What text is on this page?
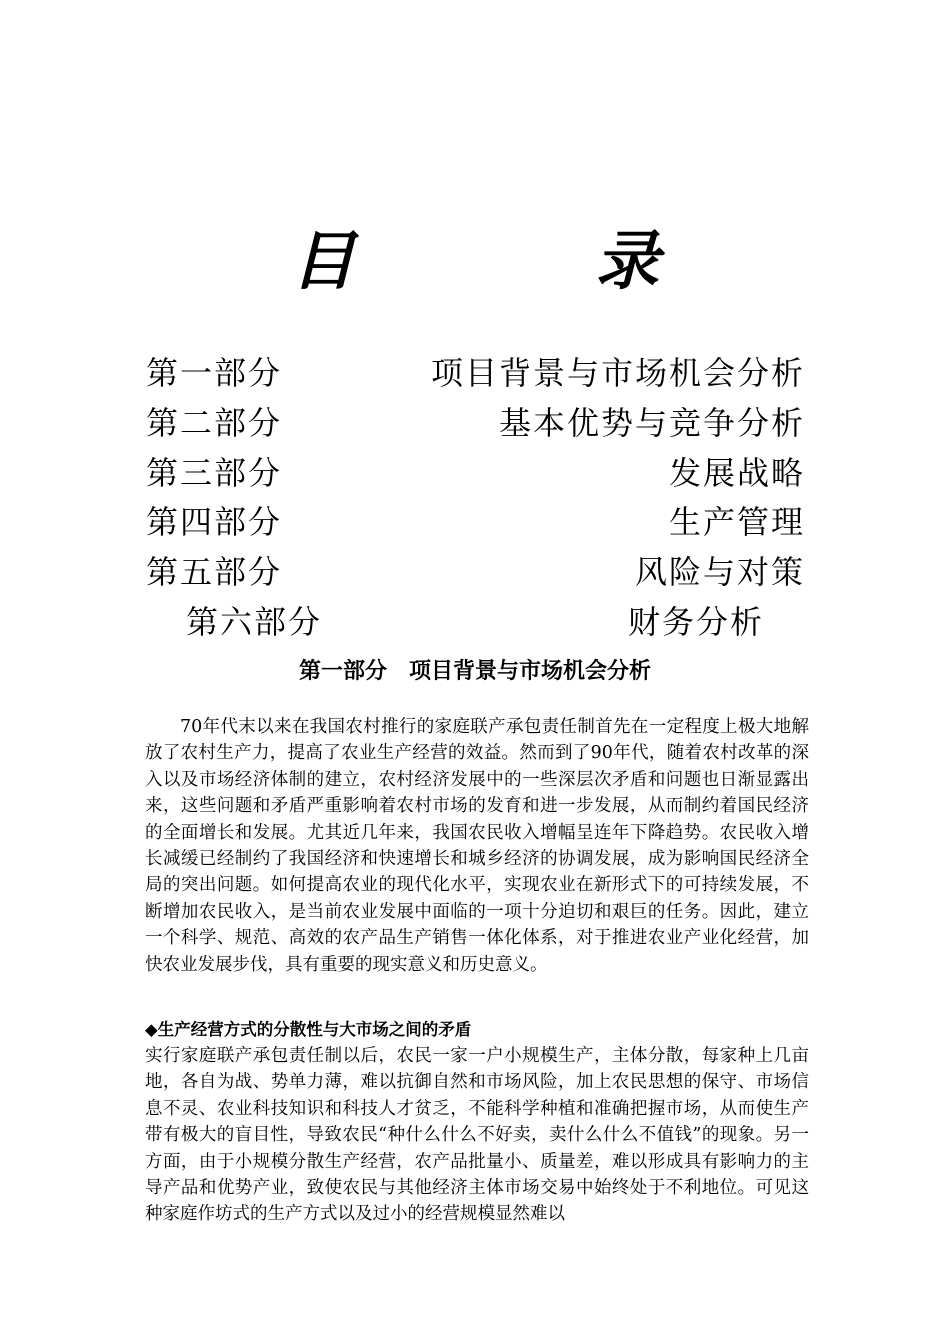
目　录
第一部分	项目背景与市场机会分析
第二部分	基本优势与竞争分析
第三部分	发展战略
第四部分	生产管理
第五部分	风险与对策
第六部分	财务分析
第一部分　项目背景与市场机会分析

70年代末以来在我国农村推行的家庭联产承包责任制首先在一定程度上极大地解放了农村生产力，提高了农业生产经营的效益。然而到了90年代，随着农村改革的深入以及市场经济体制的建立，农村经济发展中的一些深层次矛盾和问题也日渐显露出来，这些问题和矛盾严重影响着农村市场的发育和进一步发展，从而制约着国民经济的全面增长和发展。尤其近几年来，我国农民收入增幅呈连年下降趋势。农民收入增长减缓已经制约了我国经济和快速增长和城乡经济的协调发展，成为影响国民经济全局的突出问题。如何提高农业的现代化水平，实现农业在新形式下的可持续发展，不断增加农民收入，是当前农业发展中面临的一项十分迫切和艰巨的任务。因此，建立一个科学、规范、高效的农产品生产销售一体化体系，对于推进农业产业化经营，加快农业发展步伐，具有重要的现实意义和历史意义。

◆生产经营方式的分散性与大市场之间的矛盾

实行家庭联产承包责任制以后，农民一家一户小规模生产，主体分散，每家种上几亩地，各自为战、势单力薄，难以抗御自然和市场风险，加上农民思想的保守、市场信息不灵、农业科技知识和科技人才贫乏，不能科学种植和准确把握市场，从而使生产带有极大的盲目性，导致农民“种什么什么不好卖，卖什么什么不值钱”的现象。另一方面，由于小规模分散生产经营，农产品批量小、质量差，难以形成具有影响力的主导产品和优势产业，致使农民与其他经济主体市场交易中始终处于不利地位。可见这种家庭作坊式的生产方式以及过小的经营规模显然难以
